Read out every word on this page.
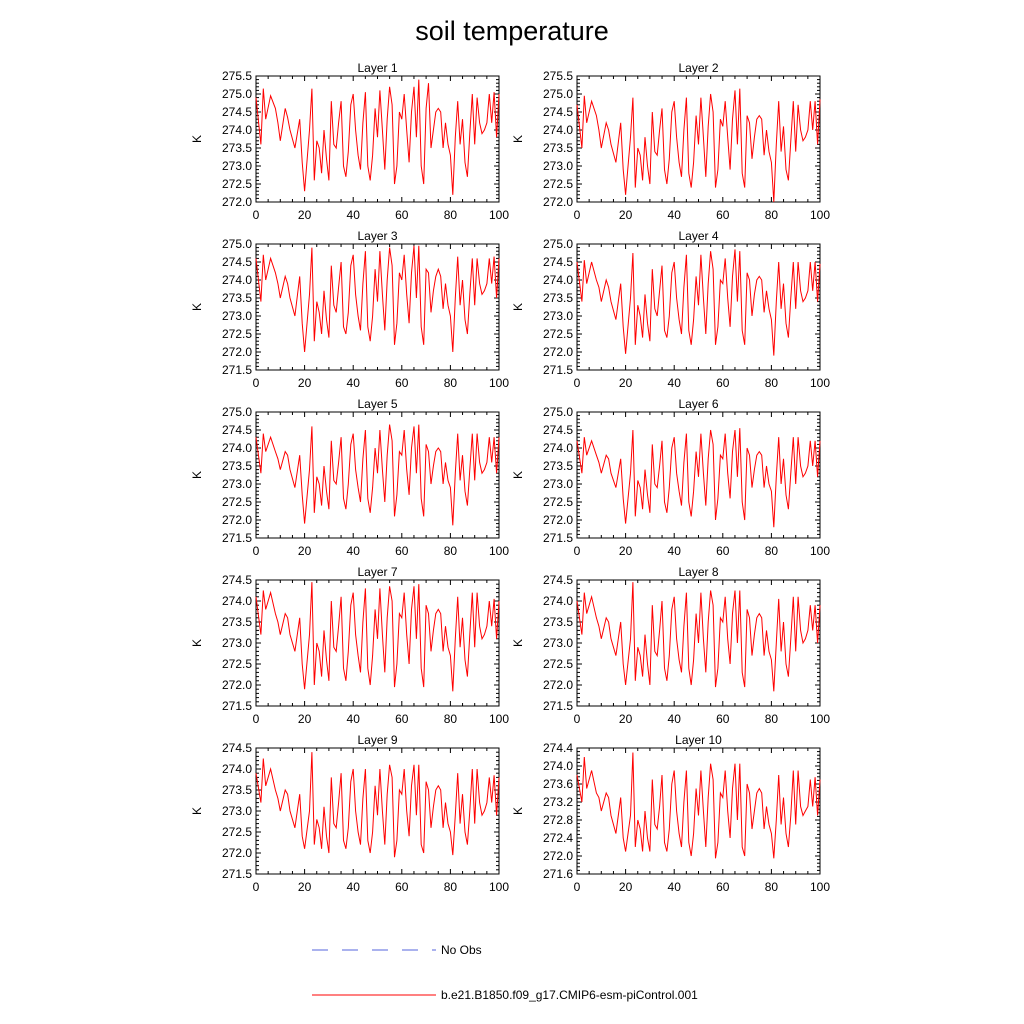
soil temperature
Layer 1
K
272.0
272.5
273.0
273.5
274.0
274.5
275.0
275.5
0	20	40	60	80	100
Layer 2
K
272.0
272.5
273.0
273.5
274.0
274.5
275.0
275.5
0	20	40	60	80	100
Layer 3
K
271.5
272.0
272.5
273.0
273.5
274.0
274.5
275.0
0	20	40	60	80	100
Layer 4
K
271.5
272.0
272.5
273.0
273.5
274.0
274.5
275.0
0	20	40	60	80	100
Layer 5
K
271.5
272.0
272.5
273.0
273.5
274.0
274.5
275.0
0	20	40	60	80	100
Layer 6
K
271.5
272.0
272.5
273.0
273.5
274.0
274.5
275.0
0	20	40	60	80	100
Layer 7
K
271.5
272.0
272.5
273.0
273.5
274.0
274.5
0	20	40	60	80	100
Layer 8
K
271.5
272.0
272.5
273.0
273.5
274.0
274.5
0	20	40	60	80	100
Layer 9
K
271.5
272.0
272.5
273.0
273.5
274.0
274.5
0	20	40	60	80	100
Layer 10
K
271.6
272.0
272.4
272.8
273.2
273.6
274.0
274.4
0	20	40	60	80	100
No Obs
b.e21.B1850.f09_g17.CMIP6-esm-piControl.001
